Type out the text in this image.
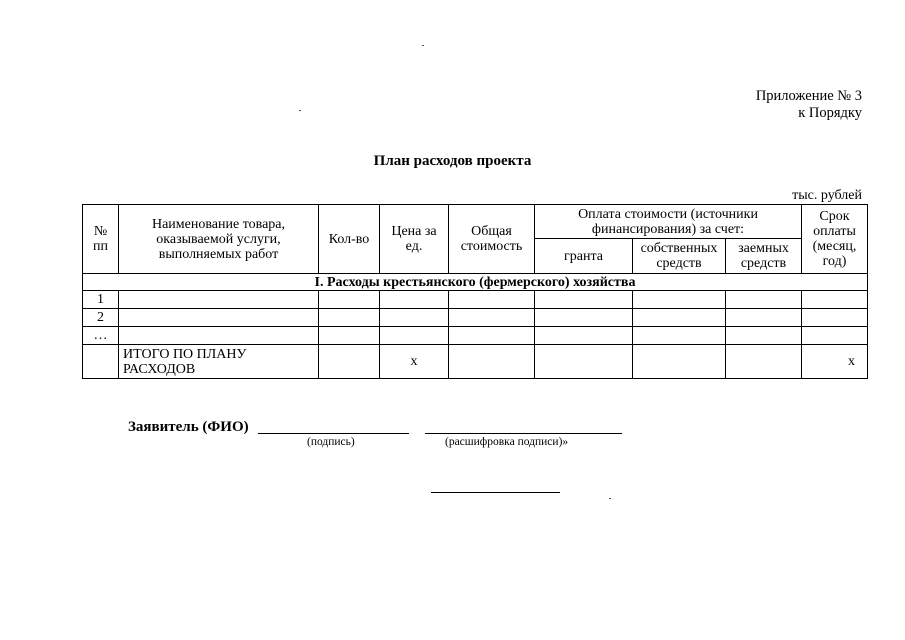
Приложение № 3
к Порядку
План расходов проекта
тыс. рублей
№ пп	Наименование товара, оказываемой услуги, выполняемых работ	Кол-во	Цена за ед.	Общая стоимость	Оплата стоимости (источники финансирования) за счет:			Срок оплаты (месяц, год)
					гранта	собственных средств	заемных средств	
I. Расходы крестьянского (фермерского) хозяйства								
1								
2								
…								
	ИТОГО ПО ПЛАНУ РАСХОДОВ		х					х
Заявитель (ФИО)
(подпись)	(расшифровка подписи)»
